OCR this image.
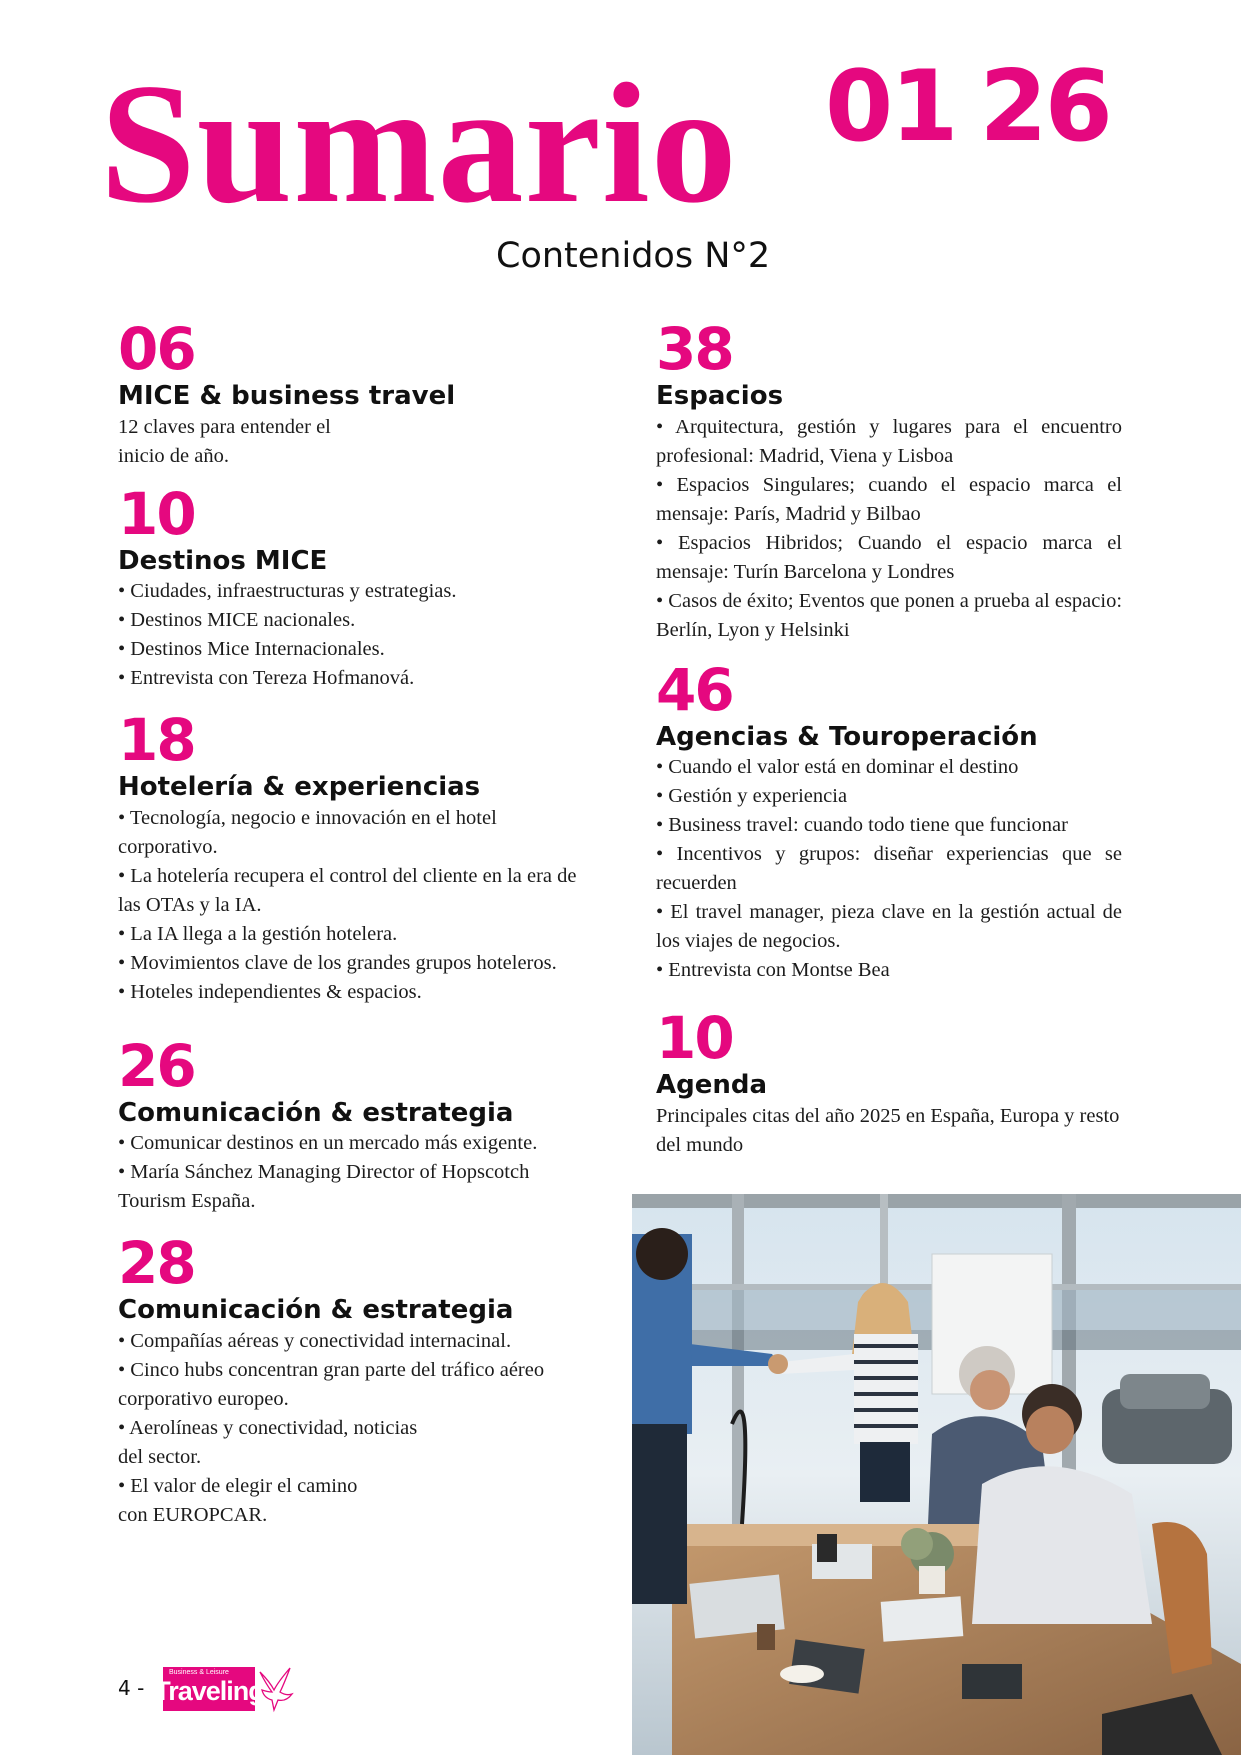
Sumario 01 26
Contenidos N°2
06
MICE & business travel
12 claves para entender el
inicio de año.
10
Destinos MICE
• Ciudades, infraestructuras y estrategias.
• Destinos MICE nacionales.
• Destinos Mice Internacionales.
• Entrevista con Tereza Hofmanová.
18
Hotelería & experiencias
• Tecnología, negocio e innovación en el hotel corporativo.
• La hotelería recupera el control del cliente en la era de las OTAs y la IA.
• La IA llega a la gestión hotelera.
• Movimientos clave de los grandes grupos hoteleros.
• Hoteles independientes & espacios.
26
Comunicación & estrategia
• Comunicar destinos en un mercado más exigente.
• María Sánchez Managing Director of Hopscotch Tourism España.
28
Comunicación & estrategia
• Compañías aéreas y conectividad internacinal.
• Cinco hubs concentran gran parte del tráfico aéreo corporativo europeo.
• Aerolíneas y conectividad, noticias
del sector.
• El valor de elegir el camino
con EUROPCAR.
38
Espacios
• Arquitectura, gestión y lugares para el encuentro profesional: Madrid, Viena y Lisboa
• Espacios Singulares; cuando el espacio marca el mensaje: París, Madrid y Bilbao
• Espacios Hibridos; Cuando el espacio marca el mensaje: Turín Barcelona y Londres
• Casos de éxito; Eventos que ponen a prueba al espacio: Berlín, Lyon y Helsinki
46
Agencias & Touroperación
• Cuando el valor está en dominar el destino
• Gestión y experiencia
• Business travel: cuando todo tiene que funcionar
• Incentivos y grupos: diseñar experiencias que se recuerden
• El travel manager, pieza clave en la gestión actual de los viajes de negocios.
• Entrevista con Montse Bea
10
Agenda
Principales citas del año 2025 en España, Europa y resto del mundo
4 -
Business & Leisure
Traveling
